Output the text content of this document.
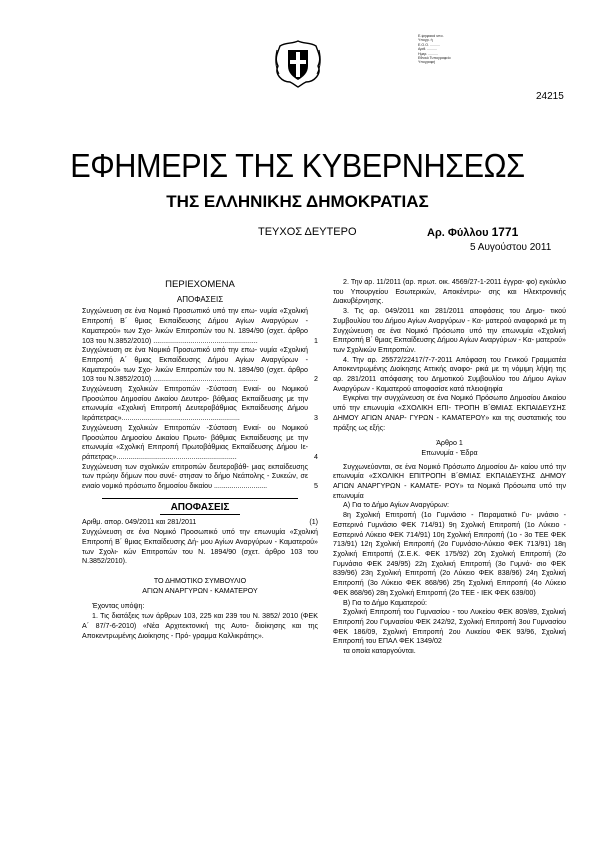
Ε-ψηφιακά υπο.
Υπογρ. ή
Ε.Ο.Ο. ..........
Αριθ. ..........
Ημερ. ..........
Εθνικό Τυπογραφείο
Υπογραφή
24215
ΕΦΗΜΕΡΙΣ ΤΗΣ ΚΥΒΕΡΝΗΣΕΩΣ
ΤΗΣ ΕΛΛΗΝΙΚΗΣ ΔΗΜΟΚΡΑΤΙΑΣ
ΤΕΥΧΟΣ ΔΕΥΤΕΡΟ	Αρ. Φύλλου 1771
5 Αυγούστου 2011
ΠΕΡΙΕΧΟΜΕΝΑ
ΑΠΟΦΑΣΕΙΣ

Συγχώνευση σε ένα Νομικό Προσωπικό υπό την επω- νυμία «Σχολική Επιτροπή Β΄ θμιας Εκπαίδευσης Δήμου Αγίων Αναργύρων - Καματερού» των Σχο- λικών Επιτροπών του Ν. 1894/90 (σχετ. άρθρο 103 του Ν.3852/2010) .....................................................	1

Συγχώνευση σε ένα Νομικό Προσωπικό υπό την επω- νυμία «Σχολική Επιτροπή Α΄ θμιας Εκπαίδευσης Δήμου Αγίων Αναργύρων - Καματερού» των Σχο- λικών Επιτροπών του Ν. 1894/90 (σχετ. άρθρο 103 του Ν.3852/2010) .....................................................	2

Συγχώνευση Σχολικών Επιτροπών -Σύσταση Ενιαί- ου Νομικού Προσώπου Δημοσίου Δικαίου Δευτερο- βάθμιας Εκπαίδευσης με την επωνυμία «Σχολική Επιτροπή Δευτεροβάθμιας Εκπαίδευσης Δήμου Ιεράπετρας»............................................................	3

Συγχώνευση Σχολικών Επιτροπών -Σύσταση Ενιαί- ου Νομικού Προσώπου Δημοσίου Δικαίου Πρωτο- βάθμιας Εκπαίδευσης με την επωνυμία «Σχολική Επιτροπή Πρωτοβάθμιας Εκπαίδευσης Δήμου Ιε- ράπετρας».............................................................	4

Συγχώνευση των σχολικών επιτροπών δευτεροβάθ- μιας εκπαίδευσης των πρώην δήμων που συνέ- στησαν το δήμο Νεάπολης - Συκεών, σε ενιαίο νομικό πρόσωπο δημοσίου δικαίου ...........................	5

ΑΠΟΦΑΣΕΙΣ

Αριθμ. απορ. 049/2011 και 281/2011	(1)

Συγχώνευση σε ένα Νομικό Προσωπικό υπό την επωνυμία «Σχολική Επιτροπή Β΄ θμιας Εκπαίδευσης Δή- μου Αγίων Αναργύρων - Καματερού» των Σχολι- κών Επιτροπών του Ν. 1894/90 (σχετ. άρθρο 103 του Ν.3852/2010).

ΤΟ ΔΗΜΟΤΙΚΟ ΣΥΜΒΟΥΛΙΟ
ΑΓΙΩΝ ΑΝΑΡΓΥΡΩΝ - ΚΑΜΑΤΕΡΟΥ

Έχοντας υπόψη:

1. Τις διατάξεις των άρθρων 103, 225 και 239 του Ν. 3852/ 2010 (ΦΕΚ Α΄ 87/7-6-2010) «Νέα Αρχιτεκτονική της Αυτο- διοίκησης και της Αποκεντρωμένης Διοίκησης - Πρό- γραμμα Καλλικράτης».

2. Την αρ. 11/2011 (αρ. πρωτ. οικ. 4569/27-1-2011 έγγρα- φο) εγκύκλιο του Υπουργείου Εσωτερικών, Αποκέντρω- σης και Ηλεκτρονικής Διακυβέρνησης.

3. Τις αρ. 049/2011 και 281/2011 αποφάσεις του Δημο- τικού Συμβουλίου του Δήμου Αγίων Αναργύρων - Κα- ματερού αναφορικά με τη Συγχώνευση σε ένα Νομικό Πρόσωπο υπό την επωνυμία «Σχολική Επιτροπή Β΄ θμιας Εκπαίδευσης Δήμου Αγίων Αναργύρων - Κα- ματερού» των Σχολικών Επιτροπών.

4. Την αρ. 25572/22417/7-7-2011 Απόφαση του Γενικού Γραμματέα Αποκεντρωμένης Διοίκησης Αττικής αναφο- ρικά με τη νόμιμη λήψη της αρ. 281/2011 απόφασης του Δημοτικού Συμβουλίου του Δήμου Αγίων Αναργύρων - Καματερού αποφασίσε κατά πλειοψηφία

Εγκρίνει την συγχώνευση σε ένα Νομικό Πρόσωπο Δημοσίου Δικαίου υπό την επωνυμία «ΣΧΟΛΙΚΗ ΕΠΙ- ΤΡΟΠΗ Β΄ΘΜΙΑΣ ΕΚΠΑΙΔΕΥΣΗΣ ΔΗΜΟΥ ΑΓΙΩΝ ΑΝΑΡ- ΓΥΡΩΝ - ΚΑΜΑΤΕΡΟΥ» και της συστατικής του πράξης ως εξής:

Άρθρο 1

Επωνυμία - Έδρα

Συγχωνεύονται, σε ένα Νομικό Πρόσωπο Δημοσίου Δι- καίου υπό την επωνυμία «ΣΧΟΛΙΚΗ ΕΠΙΤΡΟΠΗ Β΄ΘΜΙΑΣ ΕΚΠΑΙΔΕΥΣΗΣ ΔΗΜΟΥ ΑΓΙΩΝ ΑΝΑΡΓΥΡΩΝ - ΚΑΜΑΤΕ- ΡΟΥ» τα Νομικά Πρόσωπα υπό την επωνυμία

Α) Για το Δήμο Αγίων Αναργύρων:

8η Σχολική Επιτροπή (1ο Γυμνάσιο - Πειραματικό Γυ- μνάσιο - Εσπερινό Γυμνάσιο ΦΕΚ 714/91) 9η Σχολική Επιτροπή (1ο Λύκειο - Εσπερινό Λύκειο ΦΕΚ 714/91) 10η Σχολική Επιτροπή (1ο - 3ο ΤΕΕ ΦΕΚ 713/91) 12η Σχολική Επιτροπή (2ο Γυμνάσιο-Λύκειο ΦΕΚ 713/91) 18η Σχολική Επιτροπή (Σ.Ε.Κ. ΦΕΚ 175/92) 20η Σχολική Επιτροπή (2ο Γυμνάσιο ΦΕΚ 249/95) 22η Σχολική Επιτροπή (3ο Γυμνά- σιο ΦΕΚ 839/96) 23η Σχολική Επιτροπή (2ο Λύκειο ΦΕΚ 838/96) 24η Σχολική Επιτροπή (3ο Λύκειο ΦΕΚ 868/96) 25η Σχολική Επιτροπή (4ο Λύκειο ΦΕΚ 868/96) 28η Σχολική Επιτροπή (2ο ΤΕΕ - ΙΕΚ ΦΕΚ 639/00)

Β) Για το Δήμο Καματερού:

Σχολική Επιτροπή του Γυμνασίου - του Λυκείου ΦΕΚ 809/89, Σχολική Επιτροπή 2ου Γυμνασίου ΦΕΚ 242/92, Σχολική Επιτροπή 3ου Γυμνασίου ΦΕΚ 186/09, Σχολική Επιτροπή 2ου Λυκείου ΦΕΚ 93/96, Σχολική Επιτροπή του ΕΠΑΛ ΦΕΚ 1349/02

τα οποία καταργούνται.
